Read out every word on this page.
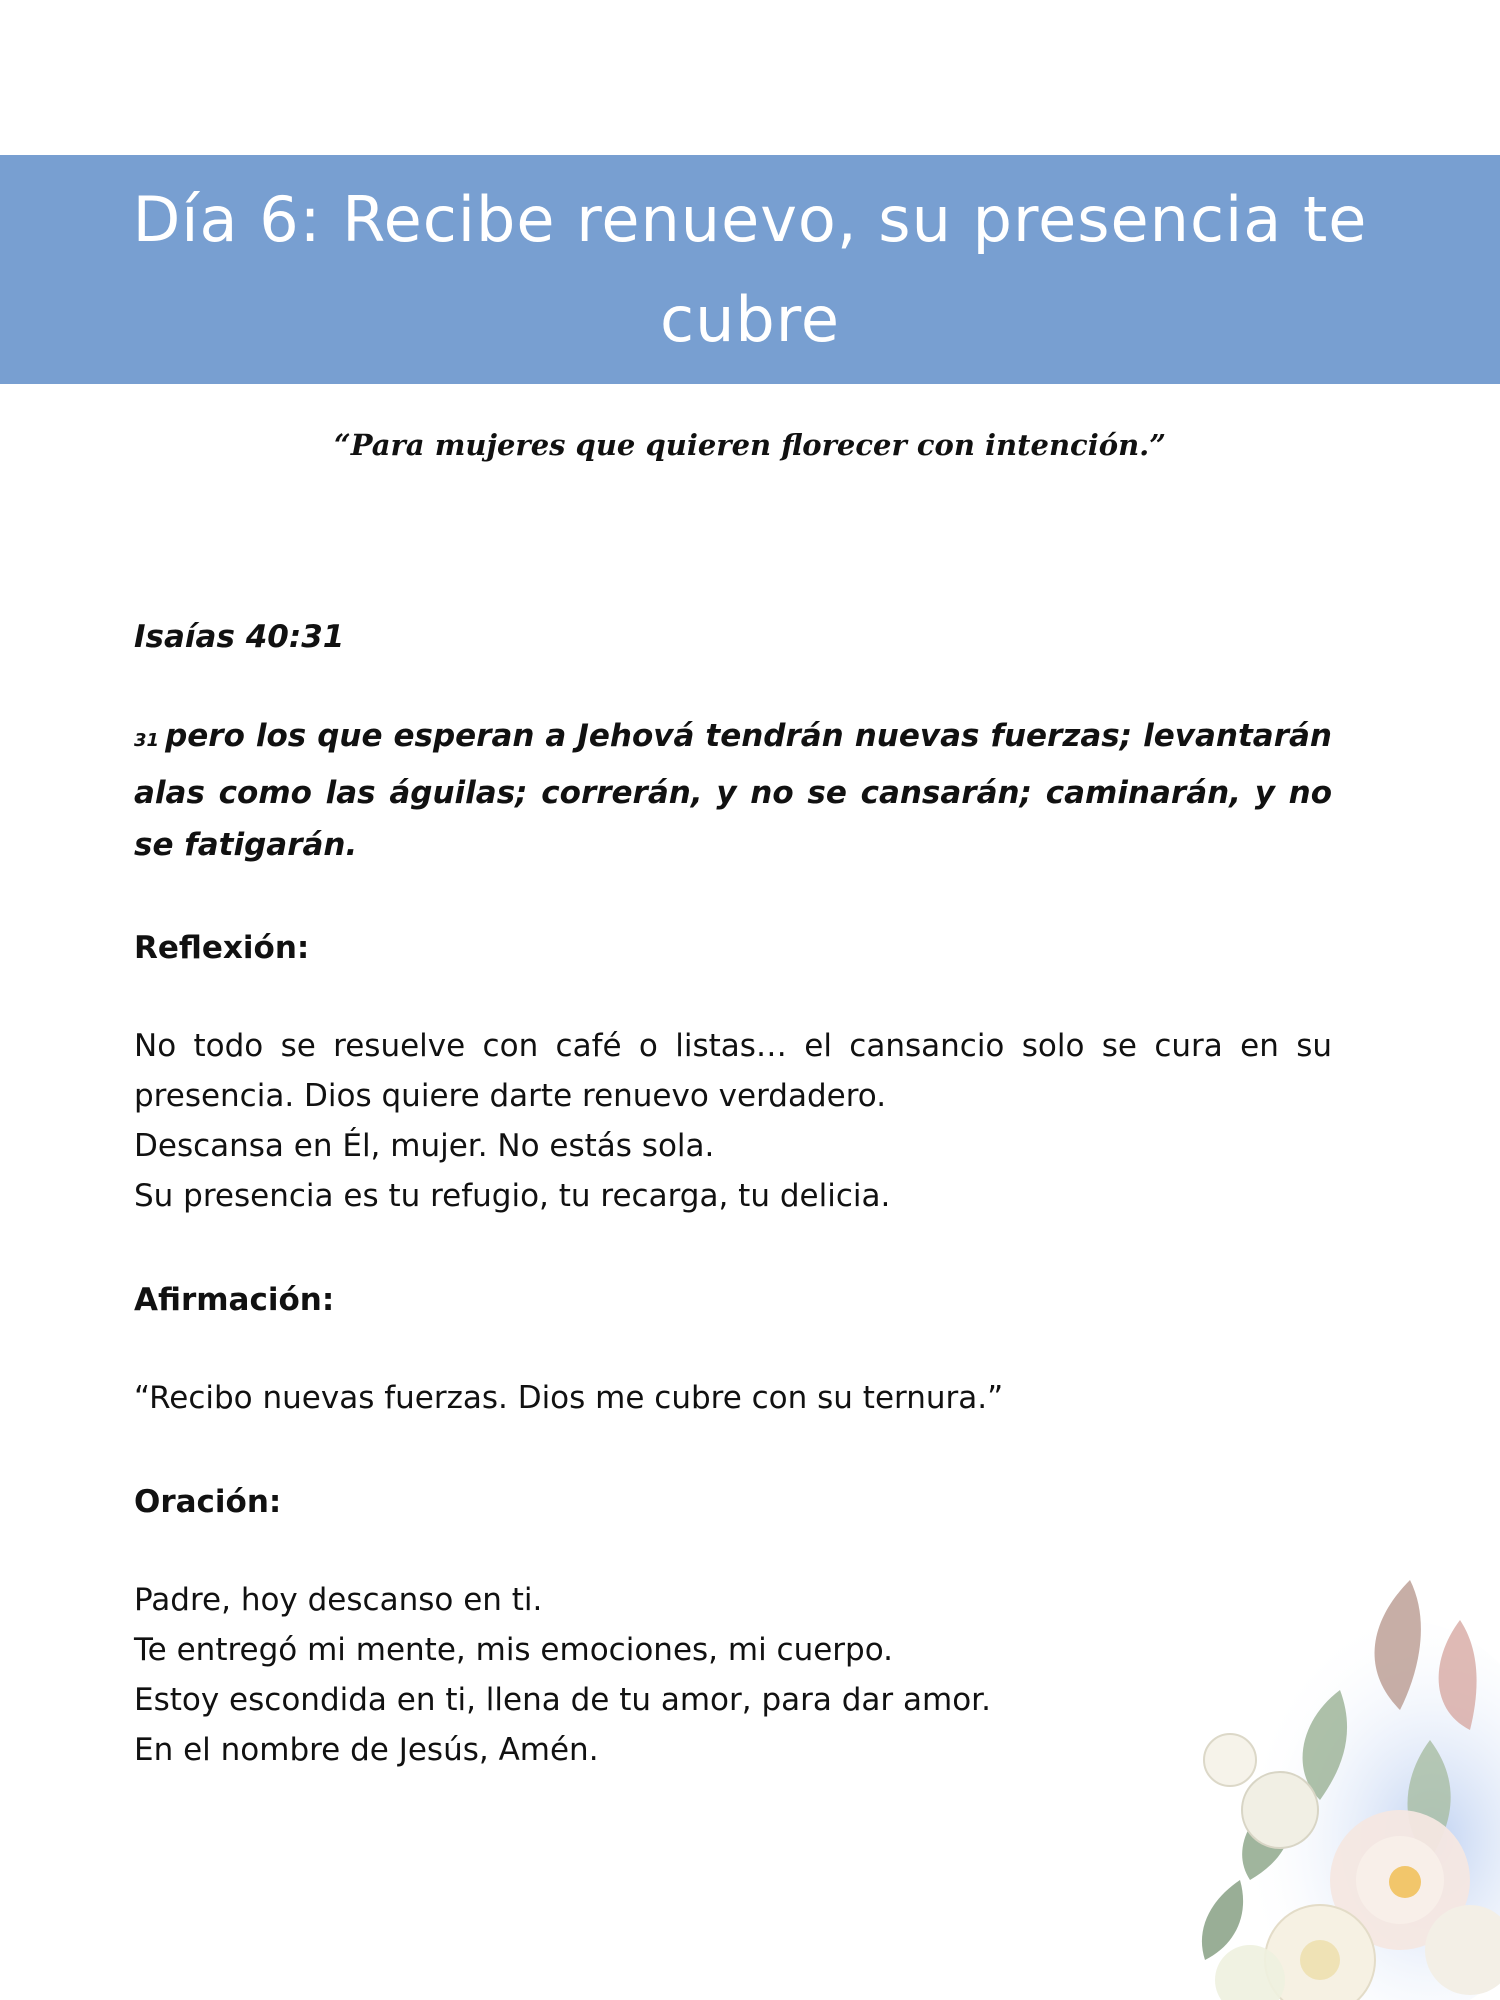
Día 6: Recibe renuevo, su presencia te cubre
“Para mujeres que quieren florecer con intención.”

Isaías 40:31

31 pero los que esperan a Jehová tendrán nuevas fuerzas; levantarán alas como las águilas; correrán, y no se cansarán; caminarán, y no se fatigarán.

Reflexión:

No todo se resuelve con café o listas… el cansancio solo se cura en su presencia. Dios quiere darte renuevo verdadero.
Descansa en Él, mujer. No estás sola.
Su presencia es tu refugio, tu recarga, tu delicia.

Afirmación:

“Recibo nuevas fuerzas. Dios me cubre con su ternura.”

Oración:

Padre, hoy descanso en ti.
Te entregó mi mente, mis emociones, mi cuerpo.
Estoy escondida en ti, llena de tu amor, para dar amor.
En el nombre de Jesús, Amén.
